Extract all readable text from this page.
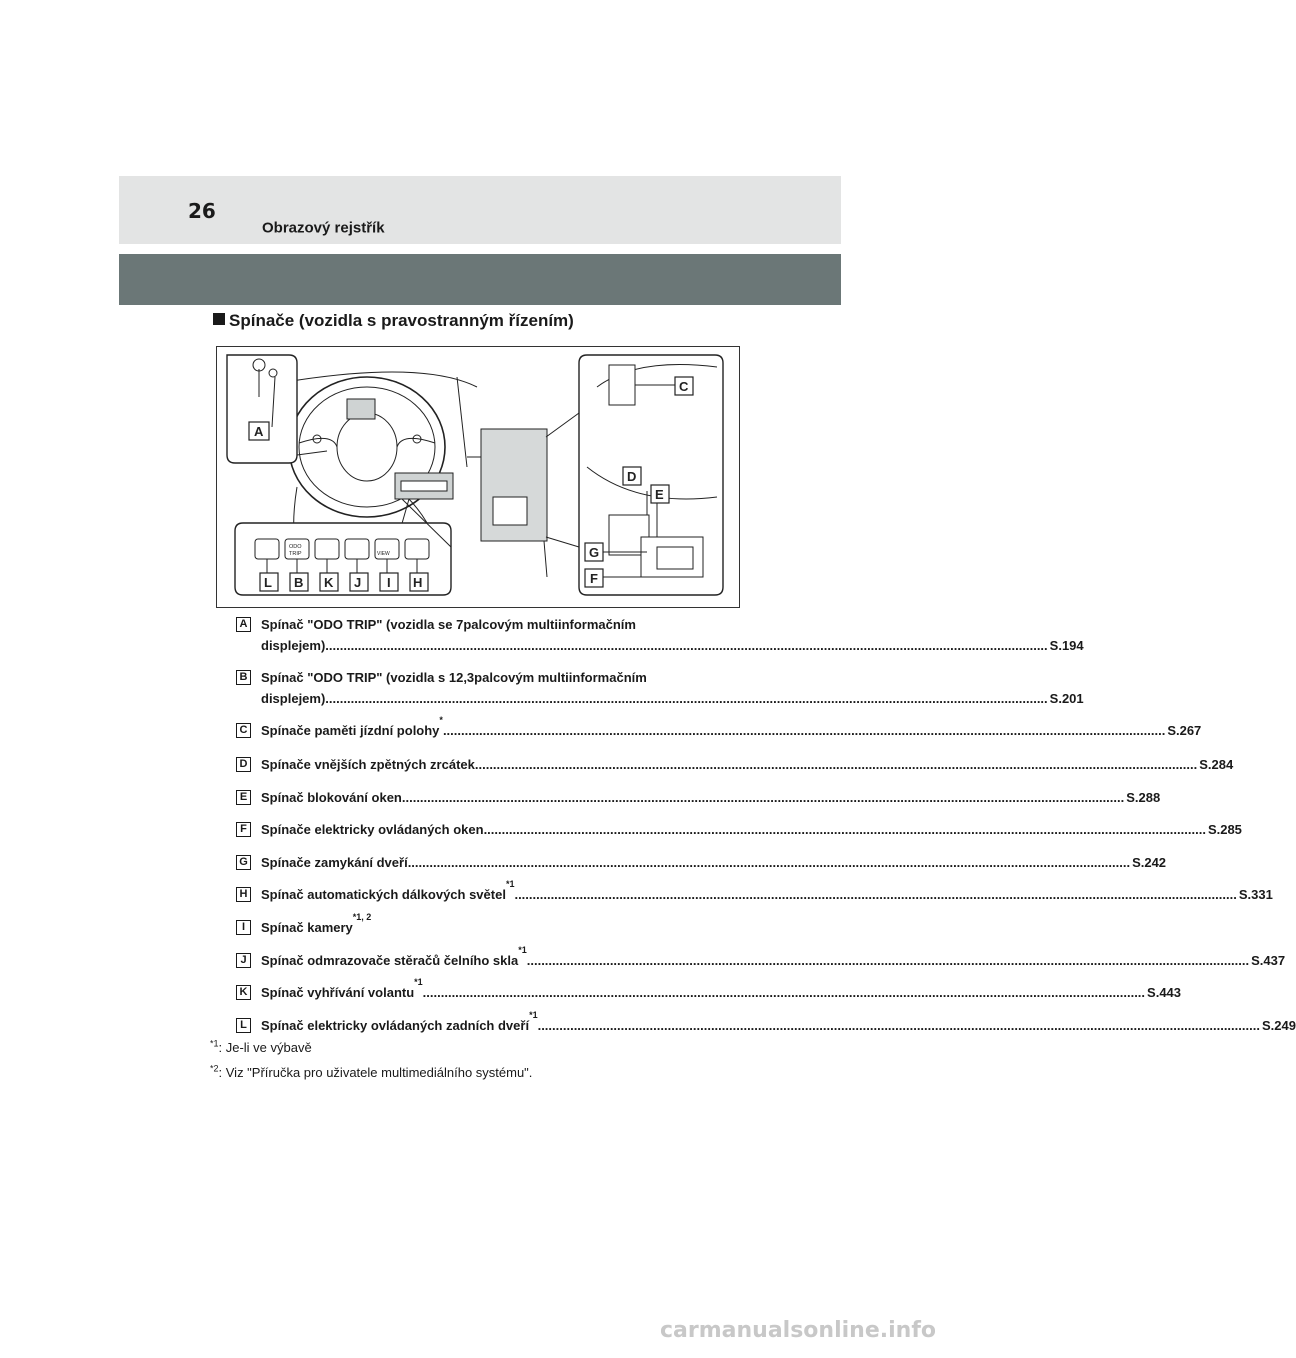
26
Obrazový rejstřík
Spínače (vozidla s pravostranným řízením)
A
ODO
TRIP	VIEW
L B K J I H
C
D
E
G
F
A Spínač "ODO TRIP" (vozidla se 7palcovým multiinformačním
displejem) ........................................................................................................................................................................................................ S.194
B Spínač "ODO TRIP" (vozidla s 12,3palcovým multiinformačním
displejem) ........................................................................................................................................................................................................ S.201
C Spínače paměti jízdní polohy
*
........................................................................................................................................................................................................ S.267
D Spínače vnějších zpětných zrcátek ........................................................................................................................................................................................................ S.284
E Spínač blokování oken ........................................................................................................................................................................................................ S.288
F	Spínače elektricky ovládaných oken ........................................................................................................................................................................................................ S.285
G Spínače zamykání dveří ........................................................................................................................................................................................................ S.242
H Spínač automatických dálkových světel
*1
........................................................................................................................................................................................................ S.331
I	Spínač kamery
*1, 2
J	Spínač odmrazovače stěračů čelního skla
*1
........................................................................................................................................................................................................ S.437
K Spínač vyhřívání volantu
*1
........................................................................................................................................................................................................ S.443
L	Spínač elektricky ovládaných zadních dveří
*1
........................................................................................................................................................................................................ S.249
$^{*1}$: Je-li ve výbavě
$^{*2}$: Viz "Příručka pro uživatele multimediálního systému".
carmanualsonline.info
